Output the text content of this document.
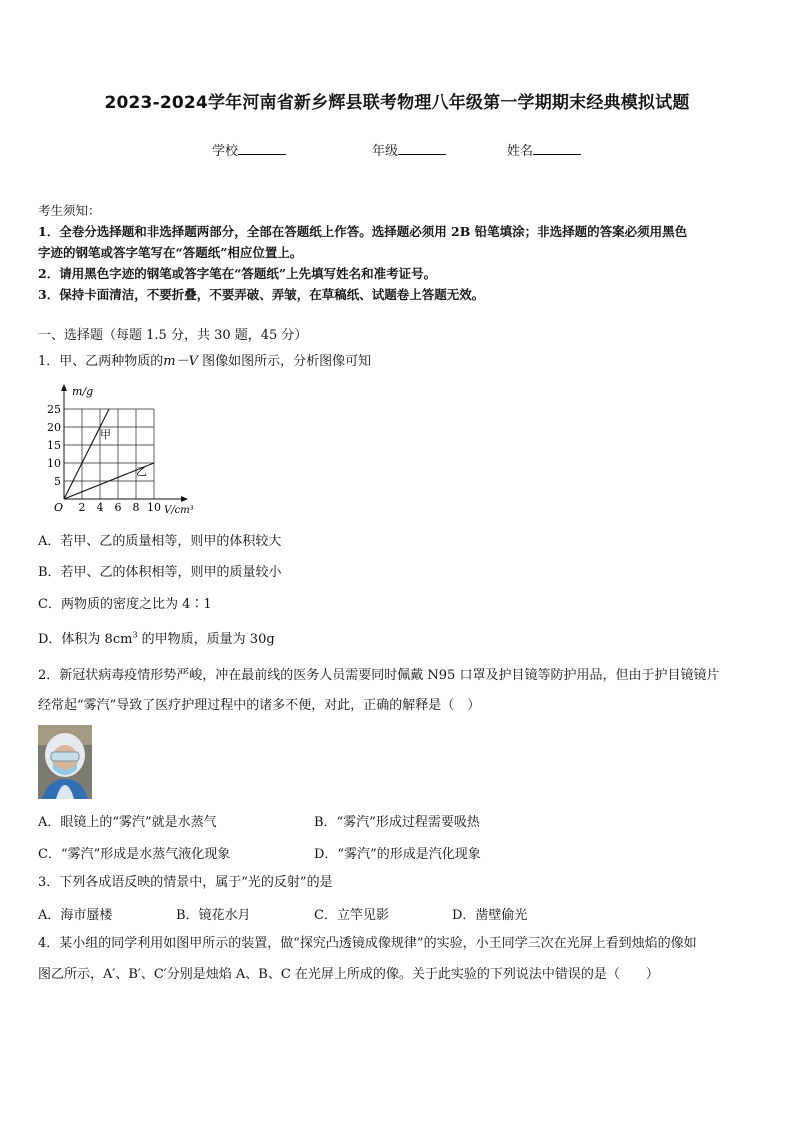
2023-2024学年河南省新乡辉县联考物理八年级第一学期期末经典模拟试题
学校	年级	姓名
考生须知：
1．全卷分选择题和非选择题两部分，全部在答题纸上作答。选择题必须用 2B 铅笔填涂；非选择题的答案必须用黑色
字迹的钢笔或答字笔写在“答题纸”相应位置上。
2．请用黑色字迹的钢笔或答字笔在“答题纸”上先填写姓名和准考证号。
3．保持卡面清洁，不要折叠，不要弄破、弄皱，在草稿纸、试题卷上答题无效。
一、选择题（每题 1.5 分，共 30 题，45 分）
1．甲、乙两种物质的m－V 图像如图所示，分析图像可知
25
20
15
10
5
2 4 6 8 10
m/g
V/cm³
O
甲
乙
A．若甲、乙的质量相等，则甲的体积较大
B．若甲、乙的体积相等，则甲的质量较小
C．两物质的密度之比为 4∶1
D．体积为 $8cm^3$ 的甲物质，质量为 30g
2．新冠状病毒疫情形势严峻，冲在最前线的医务人员需要同时佩戴 N95 口罩及护目镜等防护用品，但由于护目镜镜片
经常起“雾汽”导致了医疗护理过程中的诸多不便，对此，正确的解释是（　）
A．眼镜上的“雾汽”就是水蒸气	B．“雾汽”形成过程需要吸热
C．“雾汽”形成是水蒸气液化现象	D．“雾汽”的形成是汽化现象
3．下列各成语反映的情景中，属于“光的反射”的是
A．海市蜃楼	B．镜花水月	C．立竿见影	D．凿壁偷光
4．某小组的同学利用如图甲所示的装置，做“探究凸透镜成像规律”的实验，小王同学三次在光屏上看到烛焰的像如
图乙所示，A′、B′、C′分别是烛焰 A、B、C 在光屏上所成的像。关于此实验的下列说法中错误的是（　　）
